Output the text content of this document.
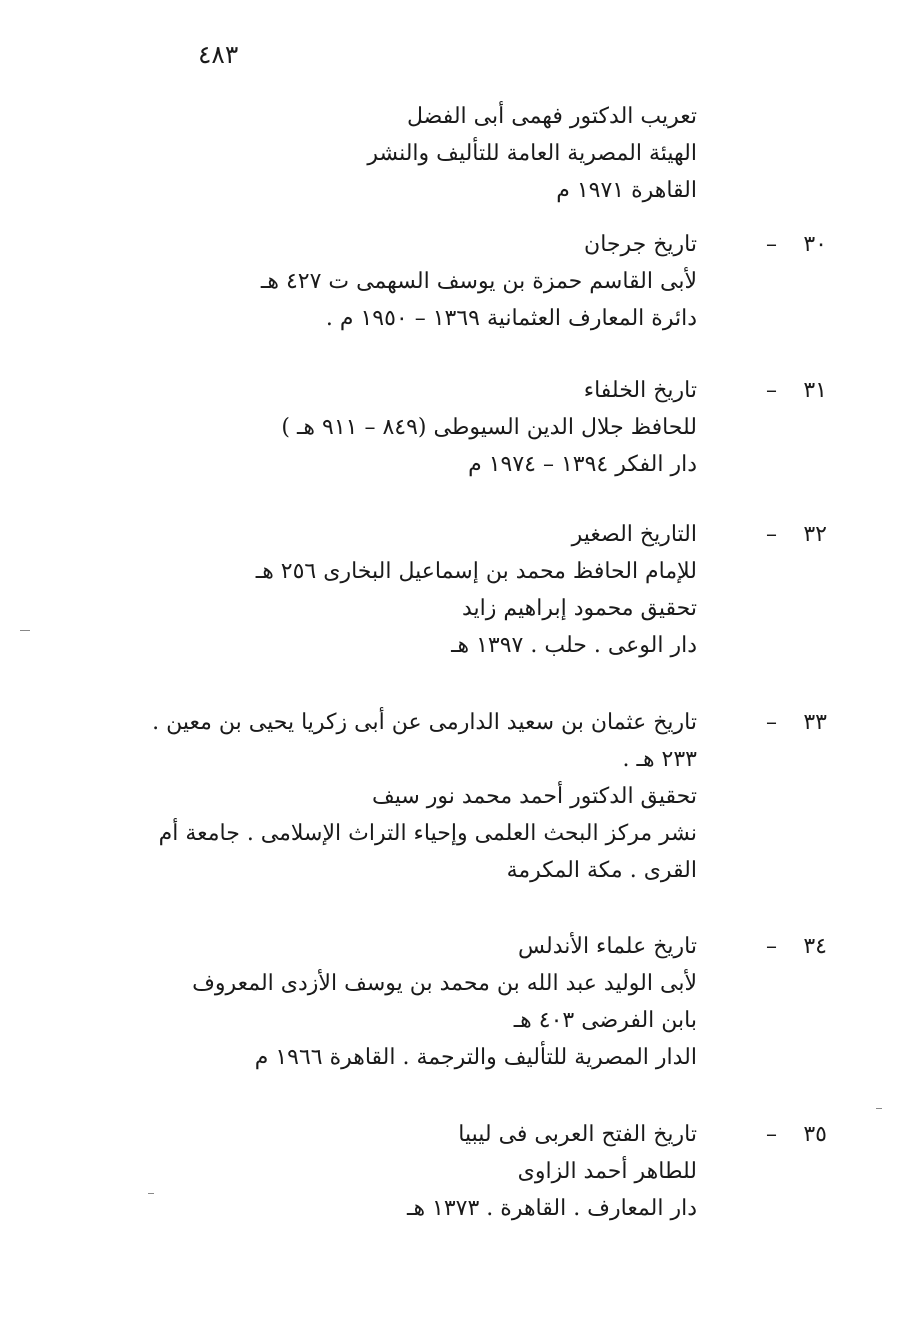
٤٨٣
تعريب الدكتور فهمى أبى الفضل
الهيئة المصرية العامة للتأليف والنشر
القاهرة ١٩٧١ م
٣٠
–
تاريخ جرجان
لأبى القاسم حمزة بن يوسف السهمى ت ٤٢٧ هـ
دائرة المعارف العثمانية ١٣٦٩ – ١٩٥٠ م .
٣١
–
تاريخ الخلفاء
للحافظ جلال الدين السيوطى (٨٤٩ – ٩١١ هـ )
دار الفكر ١٣٩٤ – ١٩٧٤ م
٣٢
–
التاريخ الصغير
للإمام الحافظ محمد بن إسماعيل البخارى ٢٥٦ هـ
تحقيق محمود إبراهيم زايد
دار الوعى . حلب . ١٣٩٧ هـ
٣٣
–
تاريخ عثمان بن سعيد الدارمى عن أبى زكريا يحيى بن معين .
٢٣٣ هـ .
تحقيق الدكتور أحمد محمد نور سيف
نشر مركز البحث العلمى وإحياء التراث الإسلامى . جامعة أم
القرى . مكة المكرمة
٣٤
–
تاريخ علماء الأندلس
لأبى الوليد عبد الله بن محمد بن يوسف الأزدى المعروف
بابن الفرضى ٤٠٣ هـ
الدار المصرية للتأليف والترجمة . القاهرة ١٩٦٦ م
٣٥
–
تاريخ الفتح العربى فى ليبيا
للطاهر أحمد الزاوى
دار المعارف . القاهرة . ١٣٧٣ هـ
